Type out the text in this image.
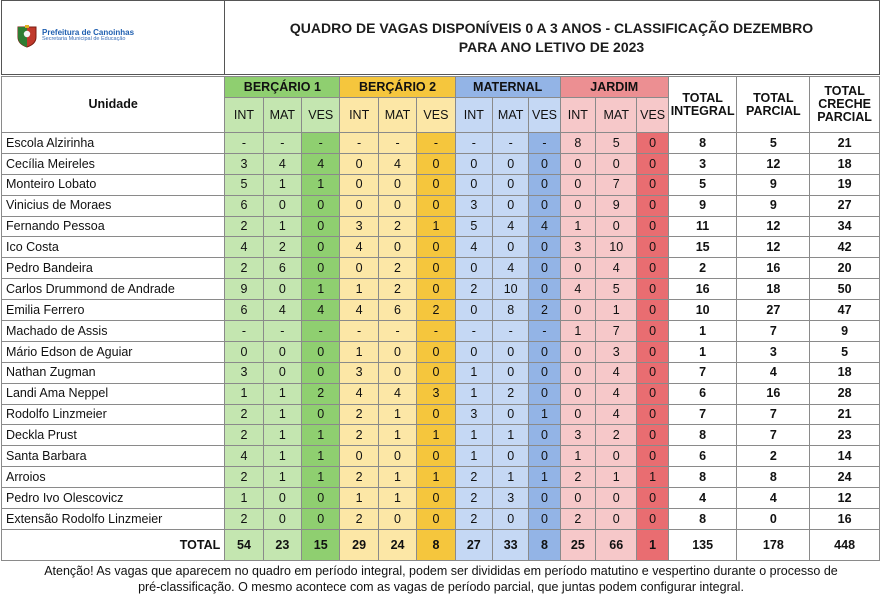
Prefeitura de Canoinhas
Secretaria Municipal de Educação
QUADRO DE VAGAS DISPONÍVEIS 0 A 3 ANOS - CLASSIFICAÇÃO DEZEMBRO
PARA ANO LETIVO DE 2023
Unidade	BERÇÁRIO 1			BERÇÁRIO 2			MATERNAL			JARDIM			TOTAL INTEGRAL	TOTAL PARCIAL	TOTAL CRECHE PARCIAL
	INT	MAT	VES	INT	MAT	VES	INT	MAT	VES	INT	MAT	VES			
Escola Alzirinha	-	-	-	-	-	-	-	-	-	8	5	0	8	5	21
Cecília Meireles	3	4	4	0	4	0	0	0	0	0	0	0	3	12	18
Monteiro Lobato	5	1	1	0	0	0	0	0	0	0	7	0	5	9	19
Vinicius de Moraes	6	0	0	0	0	0	3	0	0	0	9	0	9	9	27
Fernando Pessoa	2	1	0	3	2	1	5	4	4	1	0	0	11	12	34
Ico Costa	4	2	0	4	0	0	4	0	0	3	10	0	15	12	42
Pedro Bandeira	2	6	0	0	2	0	0	4	0	0	4	0	2	16	20
Carlos Drummond de Andrade	9	0	1	1	2	0	2	10	0	4	5	0	16	18	50
Emilia Ferrero	6	4	4	4	6	2	0	8	2	0	1	0	10	27	47
Machado de Assis	-	-	-	-	-	-	-	-	-	1	7	0	1	7	9
Mário Edson de Aguiar	0	0	0	1	0	0	0	0	0	0	3	0	1	3	5
Nathan Zugman	3	0	0	3	0	0	1	0	0	0	4	0	7	4	18
Landi Ama Neppel	1	1	2	4	4	3	1	2	0	0	4	0	6	16	28
Rodolfo Linzmeier	2	1	0	2	1	0	3	0	1	0	4	0	7	7	21
Deckla Prust	2	1	1	2	1	1	1	1	0	3	2	0	8	7	23
Santa Barbara	4	1	1	0	0	0	1	0	0	1	0	0	6	2	14
Arroios	2	1	1	2	1	1	2	1	1	2	1	1	8	8	24
Pedro Ivo Olescovicz	1	0	0	1	1	0	2	3	0	0	0	0	4	4	12
Extensão Rodolfo Linzmeier	2	0	0	2	0	0	2	0	0	2	0	0	8	0	16
TOTAL	54	23	15	29	24	8	27	33	8	25	66	1	135	178	448
Atenção! As vagas que aparecem no quadro em período integral, podem ser divididas em período matutino e vespertino durante o processo de
pré-classificação. O mesmo acontece com as vagas de período parcial, que juntas podem configurar integral.
